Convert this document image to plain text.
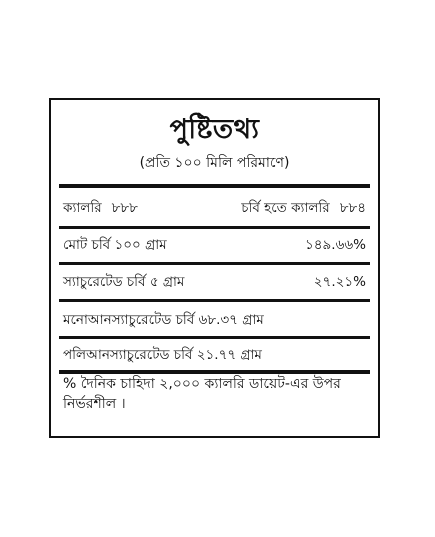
পুষ্টিতথ্য
(প্রতি ১০০ মিলি পরিমাণে)
ক্যালরি ৮৮৮	চর্বি হতে ক্যালরি ৮৮৪
মোট চর্বি ১০০ গ্রাম	১৪৯.৬৬%
স্যাচুরেটেড চর্বি ৫ গ্রাম	২৭.২১%
মনোআনস্যাচুরেটেড চর্বি ৬৮.৩৭ গ্রাম
পলিআনস্যাচুরেটেড চর্বি ২১.৭৭ গ্রাম
% দৈনিক চাহিদা ২,০০০ ক্যালরি ডায়েট-এর উপর নির্ভরশীল ।
